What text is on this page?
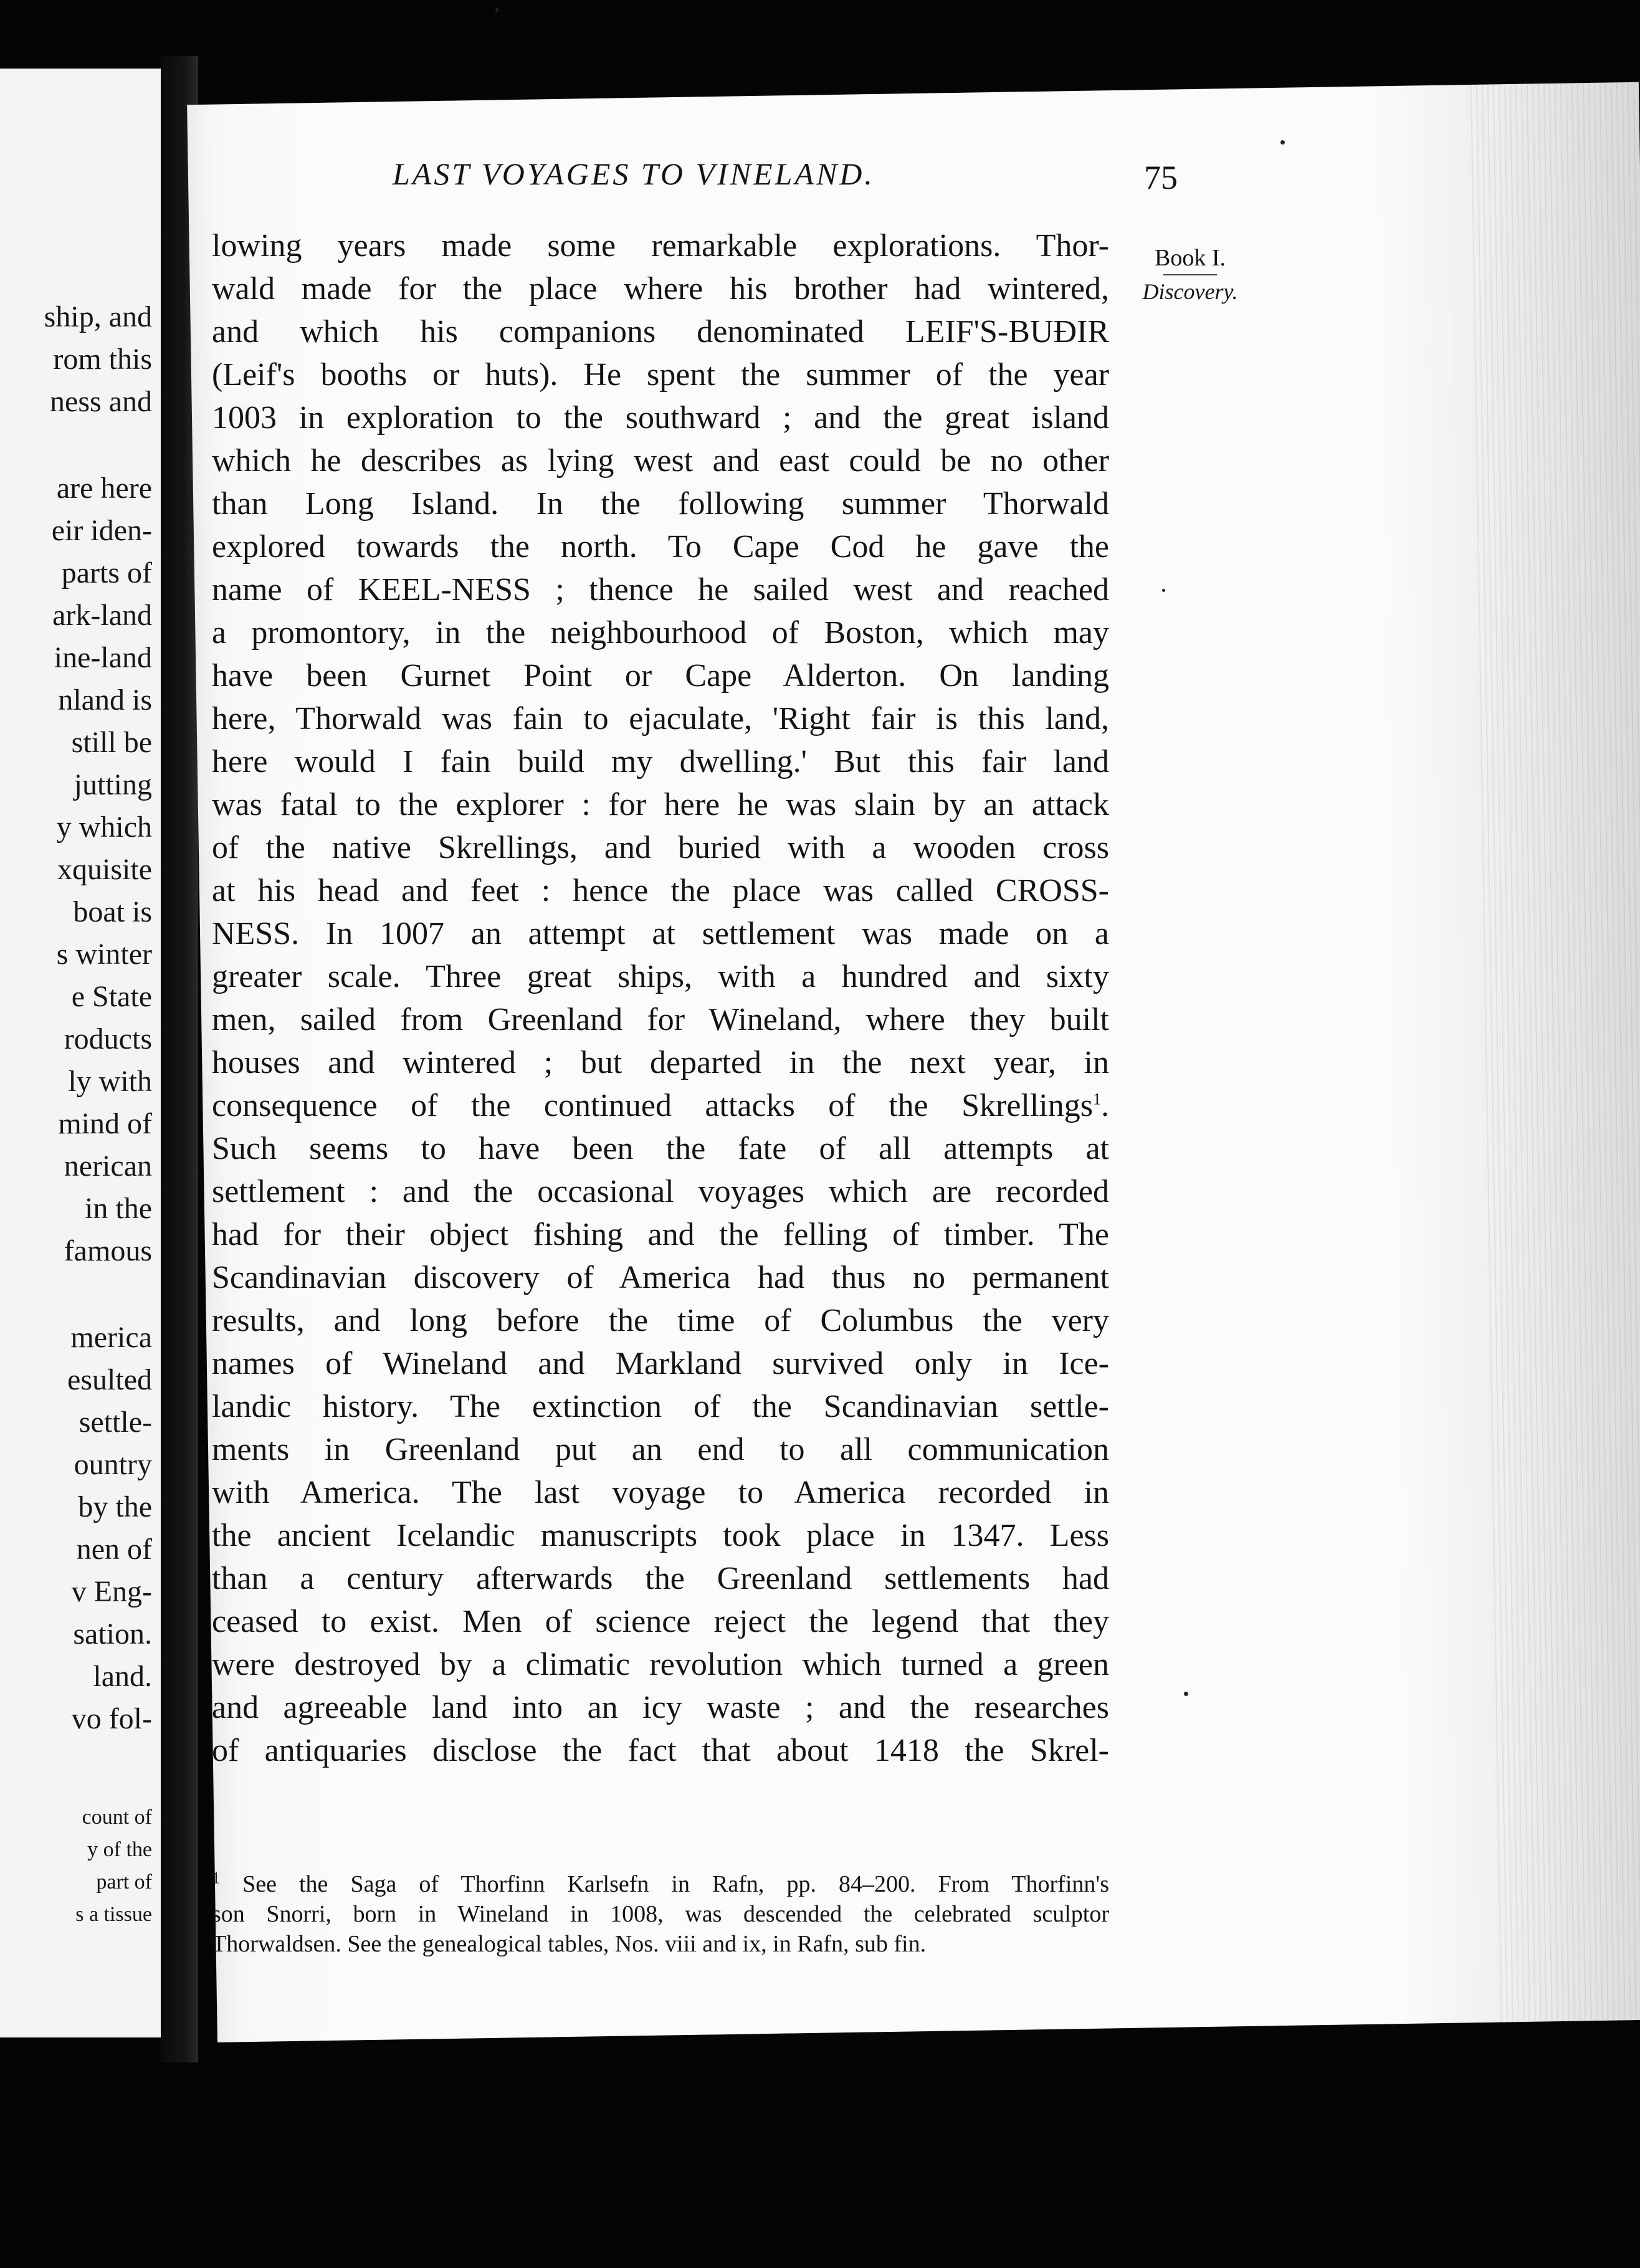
ship, and
rom this
ness and
are here
eir iden-
parts of
ark-land
ine-land
nland is
still be
jutting
y which
xquisite
boat is
s winter
e State
roducts
ly with
mind of
nerican
in the
famous
merica
esulted
settle-
ountry
by the
nen of
v Eng-
sation.
land.
vo fol-
count of
y of the
part of
s a tissue
LAST VOYAGES TO VINELAND.	75
Book I.
Discovery.
lowing years made some remarkable explorations. Thor-
wald made for the place where his brother had wintered,
and which his companions denominated LEIF'S-BUÐIR
(Leif's booths or huts). He spent the summer of the year
1003 in exploration to the southward ; and the great island
which he describes as lying west and east could be no other
than Long Island. In the following summer Thorwald
explored towards the north. To Cape Cod he gave the
name of KEEL-NESS ; thence he sailed west and reached
a promontory, in the neighbourhood of Boston, which may
have been Gurnet Point or Cape Alderton. On landing
here, Thorwald was fain to ejaculate, 'Right fair is this land,
here would I fain build my dwelling.' But this fair land
was fatal to the explorer : for here he was slain by an attack
of the native Skrellings, and buried with a wooden cross
at his head and feet : hence the place was called CROSS-
NESS. In 1007 an attempt at settlement was made on a
greater scale. Three great ships, with a hundred and sixty
men, sailed from Greenland for Wineland, where they built
houses and wintered ; but departed in the next year, in
consequence of the continued attacks of the Skrellings$^1$.
Such seems to have been the fate of all attempts at
settlement : and the occasional voyages which are recorded
had for their object fishing and the felling of timber. The
Scandinavian discovery of America had thus no permanent
results, and long before the time of Columbus the very
names of Wineland and Markland survived only in Ice-
landic history. The extinction of the Scandinavian settle-
ments in Greenland put an end to all communication
with America. The last voyage to America recorded in
the ancient Icelandic manuscripts took place in 1347. Less
than a century afterwards the Greenland settlements had
ceased to exist. Men of science reject the legend that they
were destroyed by a climatic revolution which turned a green
and agreeable land into an icy waste ; and the researches
of antiquaries disclose the fact that about 1418 the Skrel-
$^1$ See the Saga of Thorfinn Karlsefn in Rafn, pp. 84–200. From Thorfinn's
son Snorri, born in Wineland in 1008, was descended the celebrated sculptor
Thorwaldsen. See the genealogical tables, Nos. viii and ix, in Rafn, sub fin.
